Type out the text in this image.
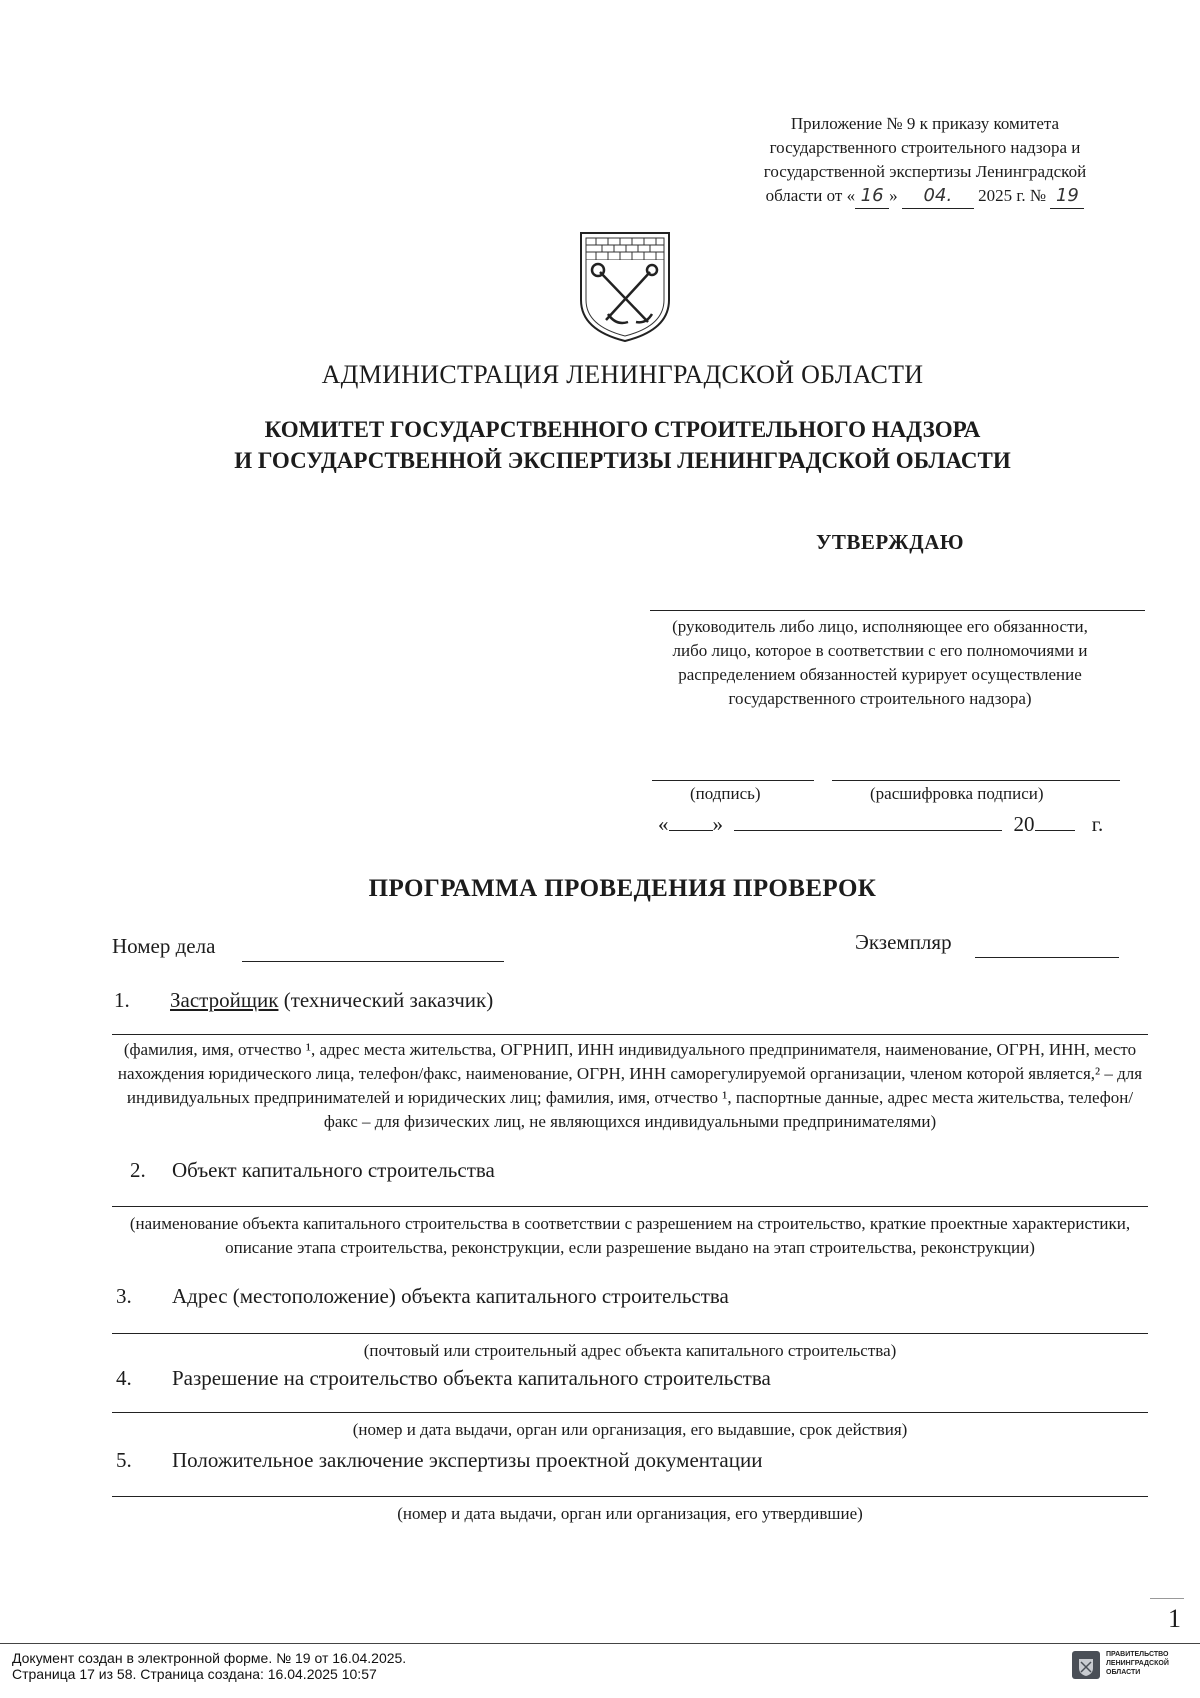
Приложение № 9 к приказу комитета
государственного строительного надзора и
государственной экспертизы Ленинградской
области от « 16 » 04. 2025 г. № 19
АДМИНИСТРАЦИЯ ЛЕНИНГРАДСКОЙ ОБЛАСТИ
КОМИТЕТ ГОСУДАРСТВЕННОГО СТРОИТЕЛЬНОГО НАДЗОРА
И ГОСУДАРСТВЕННОЙ ЭКСПЕРТИЗЫ ЛЕНИНГРАДСКОЙ ОБЛАСТИ
УТВЕРЖДАЮ
(руководитель либо лицо, исполняющее его обязанности, либо лицо, которое в соответствии с его полномочиями и распределением обязанностей курирует осуществление государственного строительного надзора)
(подпись)	(расшифровка подписи)
« »	20	г.
ПРОГРАММА ПРОВЕДЕНИЯ ПРОВЕРОК
Номер дела	Экземпляр
1. Застройщик (технический заказчик)
(фамилия, имя, отчество ¹, адрес места жительства, ОГРНИП, ИНН индивидуального предпринимателя, наименование, ОГРН, ИНН, место нахождения юридического лица, телефон/факс, наименование, ОГРН, ИНН саморегулируемой организации, членом которой является,² – для индивидуальных предпринимателей и юридических лиц; фамилия, имя, отчество ¹, паспортные данные, адрес места жительства, телефон/факс – для физических лиц, не являющихся индивидуальными предпринимателями)
2. Объект капитального строительства
(наименование объекта капитального строительства в соответствии с разрешением на строительство, краткие проектные характеристики, описание этапа строительства, реконструкции, если разрешение выдано на этап строительства, реконструкции)
3. Адрес (местоположение) объекта капитального строительства
(почтовый или строительный адрес объекта капитального строительства)
4. Разрешение на строительство объекта капитального строительства
(номер и дата выдачи, орган или организация, его выдавшие, срок действия)
5. Положительное заключение экспертизы проектной документации
(номер и дата выдачи, орган или организация, его утвердившие)
1
Документ создан в электронной форме. № 19 от 16.04.2025.
Страница 17 из 58. Страница создана: 16.04.2025 10:57
ПРАВИТЕЛЬСТВО
ЛЕНИНГРАДСКОЙ
ОБЛАСТИ
